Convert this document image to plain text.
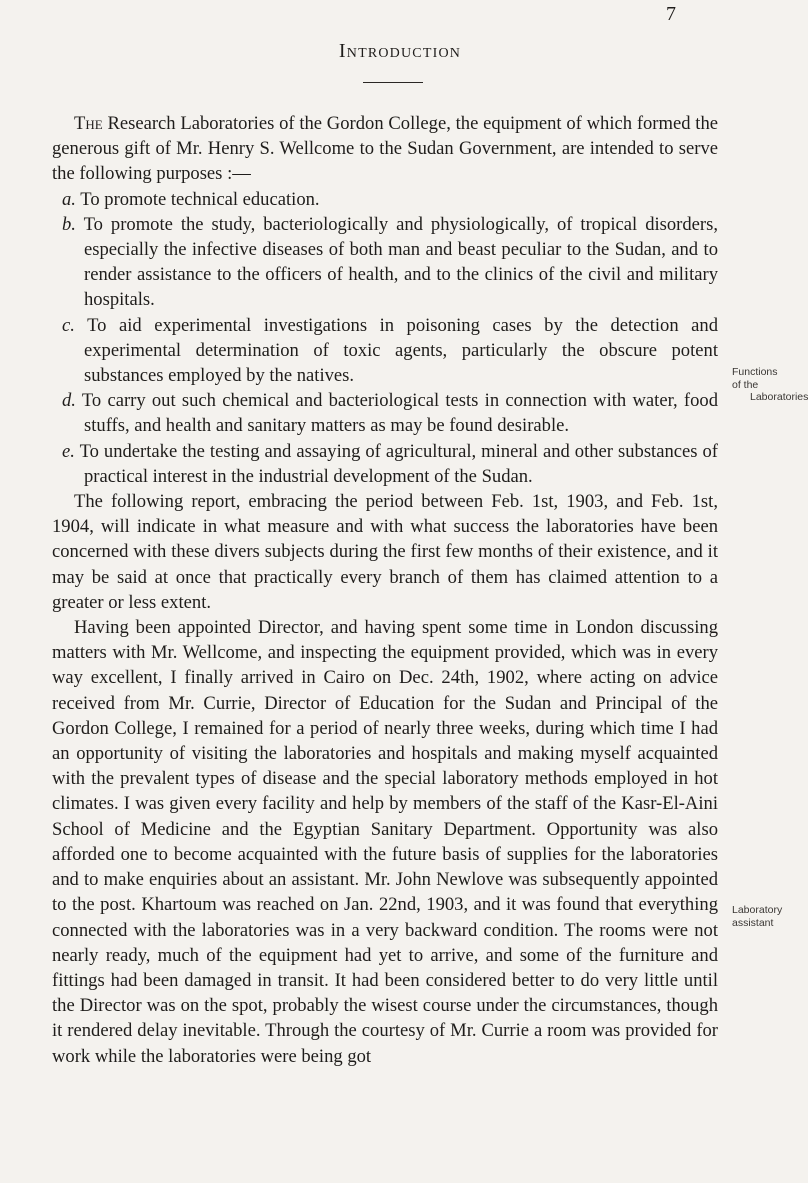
7
Introduction

The Research Laboratories of the Gordon College, the equipment of which formed the generous gift of Mr. Henry S. Wellcome to the Sudan Government, are intended to serve the following purposes :—

a. To promote technical education.

b. To promote the study, bacteriologically and physiologically, of tropical disorders, especially the infective diseases of both man and beast peculiar to the Sudan, and to render assistance to the officers of health, and to the clinics of the civil and military hospitals.

c. To aid experimental investigations in poisoning cases by the detection and experimental determination of toxic agents, particularly the obscure potent substances employed by the natives.

d. To carry out such chemical and bacteriological tests in connection with water, food stuffs, and health and sanitary matters as may be found desirable.

e. To undertake the testing and assaying of agricultural, mineral and other substances of practical interest in the industrial development of the Sudan.

The following report, embracing the period between Feb. 1st, 1903, and Feb. 1st, 1904, will indicate in what measure and with what success the laboratories have been concerned with these divers subjects during the first few months of their existence, and it may be said at once that practically every branch of them has claimed attention to a greater or less extent.

Having been appointed Director, and having spent some time in London discussing matters with Mr. Wellcome, and inspecting the equipment provided, which was in every way excellent, I finally arrived in Cairo on Dec. 24th, 1902, where acting on advice received from Mr. Currie, Director of Education for the Sudan and Principal of the Gordon College, I remained for a period of nearly three weeks, during which time I had an opportunity of visiting the laboratories and hospitals and making myself acquainted with the prevalent types of disease and the special laboratory methods employed in hot climates. I was given every facility and help by members of the staff of the Kasr-El-Aini School of Medicine and the Egyptian Sanitary Department. Opportunity was also afforded one to become acquainted with the future basis of supplies for the laboratories and to make enquiries about an assistant. Mr. John Newlove was subsequently appointed to the post. Khartoum was reached on Jan. 22nd, 1903, and it was found that everything connected with the laboratories was in a very backward condition. The rooms were not nearly ready, much of the equipment had yet to arrive, and some of the furniture and fittings had been damaged in transit. It had been considered better to do very little until the Director was on the spot, probably the wisest course under the circumstances, though it rendered delay inevitable. Through the courtesy of Mr. Currie a room was provided for work while the laboratories were being got

Functions
of the
Laboratories
Laboratory
assistant
